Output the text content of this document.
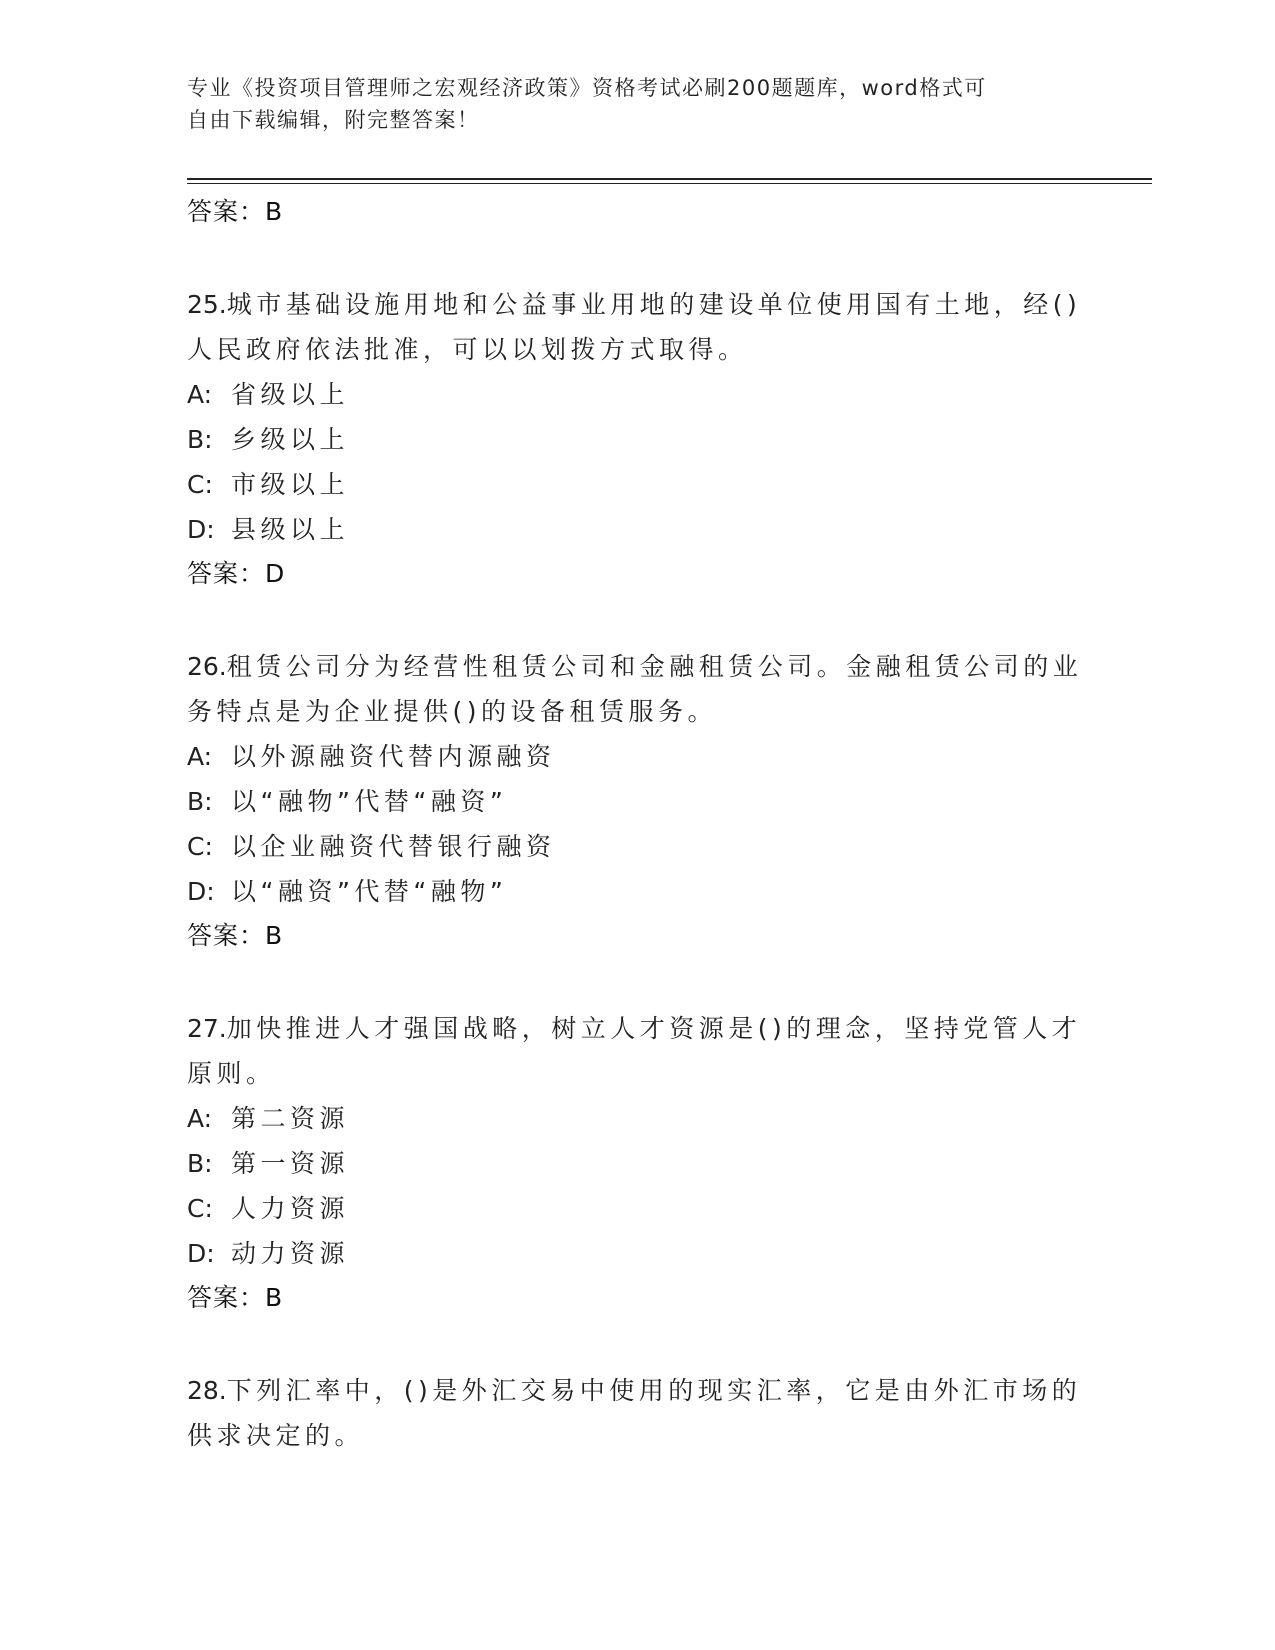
专业《投资项目管理师之宏观经济政策》资格考试必刷200题题库，word格式可
自由下载编辑，附完整答案！
答案：B
25.城市基础设施用地和公益事业用地的建设单位使用国有土地，经()
人民政府依法批准，可以以划拨方式取得。
A: 省级以上
B: 乡级以上
C: 市级以上
D: 县级以上
答案：D
26.租赁公司分为经营性租赁公司和金融租赁公司。金融租赁公司的业
务特点是为企业提供()的设备租赁服务。
A: 以外源融资代替内源融资
B: 以“融物”代替“融资”
C: 以企业融资代替银行融资
D: 以“融资”代替“融物”
答案：B
27.加快推进人才强国战略，树立人才资源是()的理念，坚持党管人才
原则。
A: 第二资源
B: 第一资源
C: 人力资源
D: 动力资源
答案：B
28.下列汇率中，()是外汇交易中使用的现实汇率，它是由外汇市场的
供求决定的。
